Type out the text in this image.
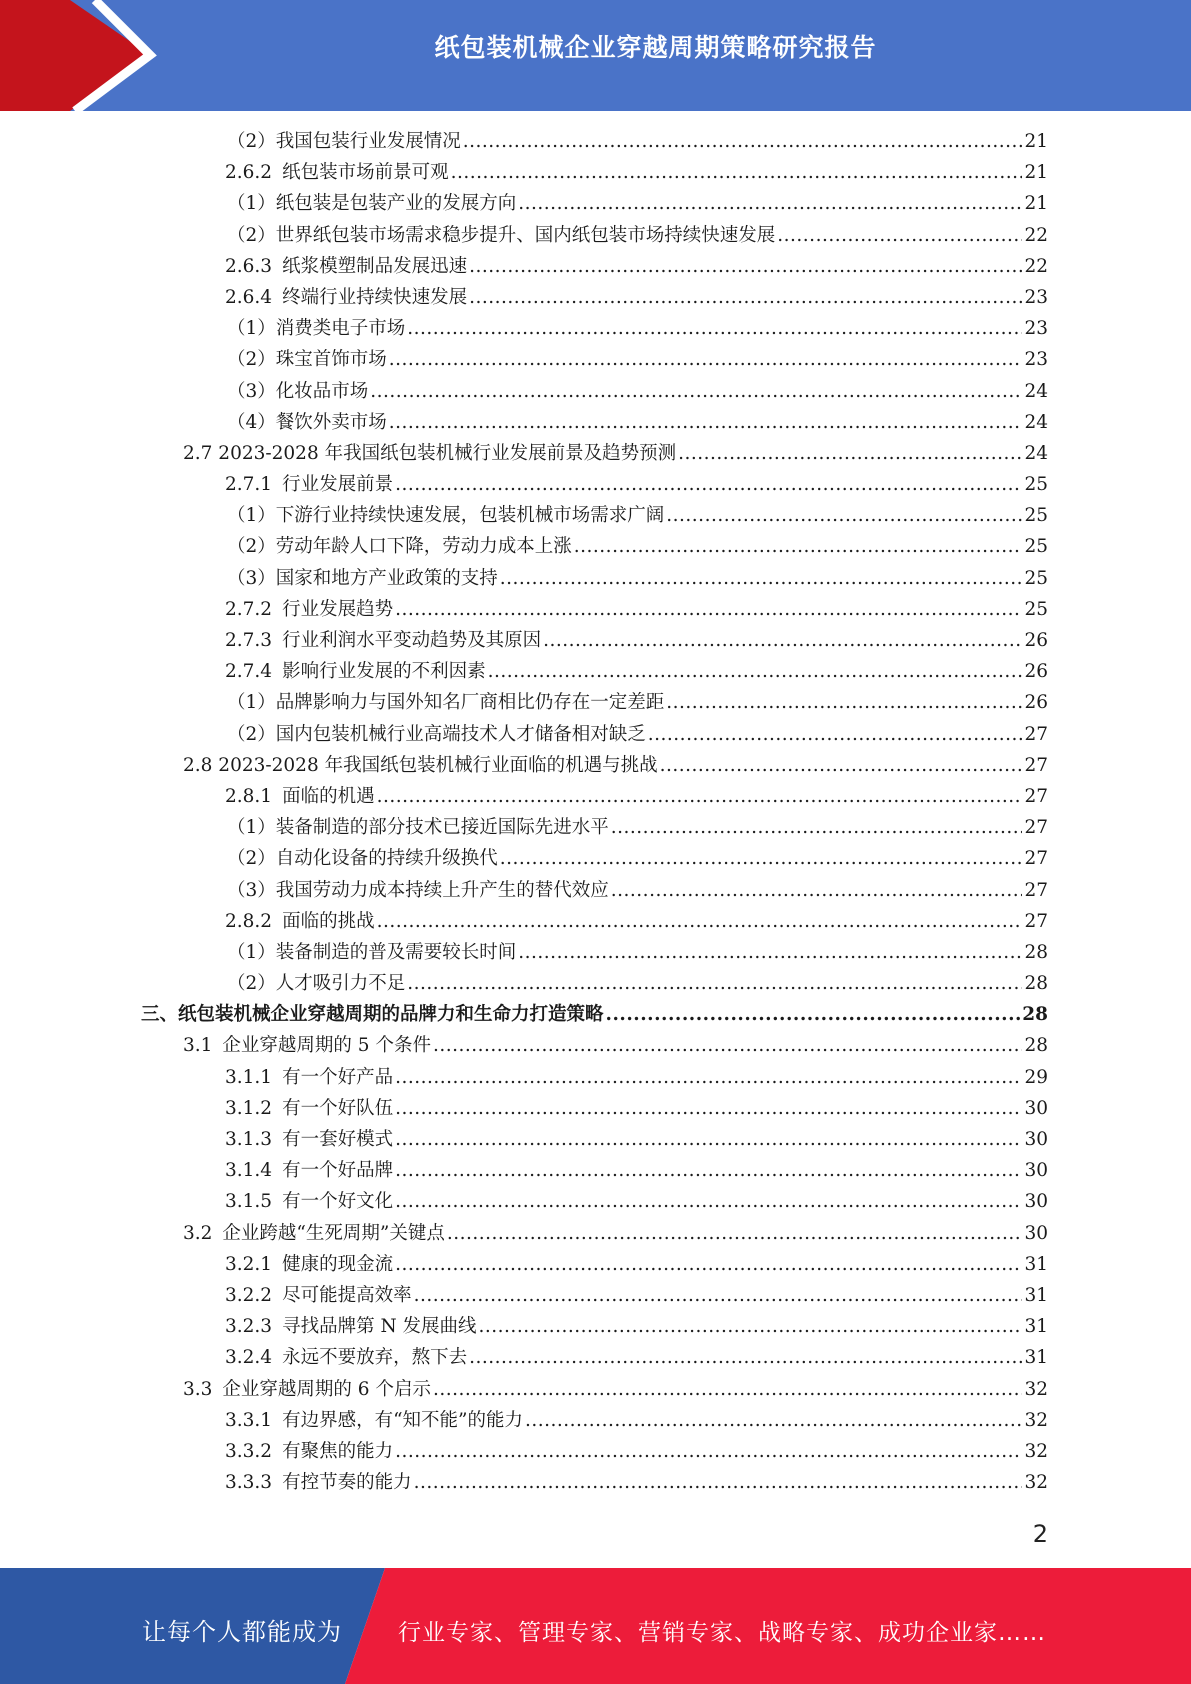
纸包装机械企业穿越周期策略研究报告
（2）我国包装行业发展情况 .....	21
2.6.2 纸包装市场前景可观 .....	21
（1）纸包装是包装产业的发展方向 .....	21
（2）世界纸包装市场需求稳步提升、国内纸包装市场持续快速发展 .....	22
2.6.3 纸浆模塑制品发展迅速 .....	22
2.6.4 终端行业持续快速发展 .....	23
（1）消费类电子市场 .....	23
（2）珠宝首饰市场 .....	23
（3）化妆品市场 .....	24
（4）餐饮外卖市场 .....	24
2.7 2023-2028 年我国纸包装机械行业发展前景及趋势预测 .....	24
2.7.1 行业发展前景 .....	25
（1）下游行业持续快速发展，包装机械市场需求广阔 .....	25
（2）劳动年龄人口下降，劳动力成本上涨 .....	25
（3）国家和地方产业政策的支持 .....	25
2.7.2 行业发展趋势 .....	25
2.7.3 行业利润水平变动趋势及其原因 .....	26
2.7.4 影响行业发展的不利因素 .....	26
（1）品牌影响力与国外知名厂商相比仍存在一定差距 .....	26
（2）国内包装机械行业高端技术人才储备相对缺乏 .....	27
2.8 2023-2028 年我国纸包装机械行业面临的机遇与挑战 .....	27
2.8.1 面临的机遇 .....	27
（1）装备制造的部分技术已接近国际先进水平 .....	27
（2）自动化设备的持续升级换代 .....	27
（3）我国劳动力成本持续上升产生的替代效应 .....	27
2.8.2 面临的挑战 .....	27
（1）装备制造的普及需要较长时间 .....	28
（2）人才吸引力不足 .....	28
三、纸包装机械企业穿越周期的品牌力和生命力打造策略 .....	28
3.1 企业穿越周期的 5 个条件 .....	28
3.1.1 有一个好产品 .....	29
3.1.2 有一个好队伍 .....	30
3.1.3 有一套好模式 .....	30
3.1.4 有一个好品牌 .....	30
3.1.5 有一个好文化 .....	30
3.2 企业跨越“生死周期”关键点 .....	30
3.2.1 健康的现金流 .....	31
3.2.2 尽可能提高效率 .....	31
3.2.3 寻找品牌第 N 发展曲线 .....	31
3.2.4 永远不要放弃，熬下去 .....	31
3.3 企业穿越周期的 6 个启示 .....	32
3.3.1 有边界感，有“知不能”的能力 .....	32
3.3.2 有聚焦的能力 .....	32
3.3.3 有控节奏的能力 .....	32
2
让每个人都能成为 行业专家、管理专家、营销专家、战略专家、成功企业家……
